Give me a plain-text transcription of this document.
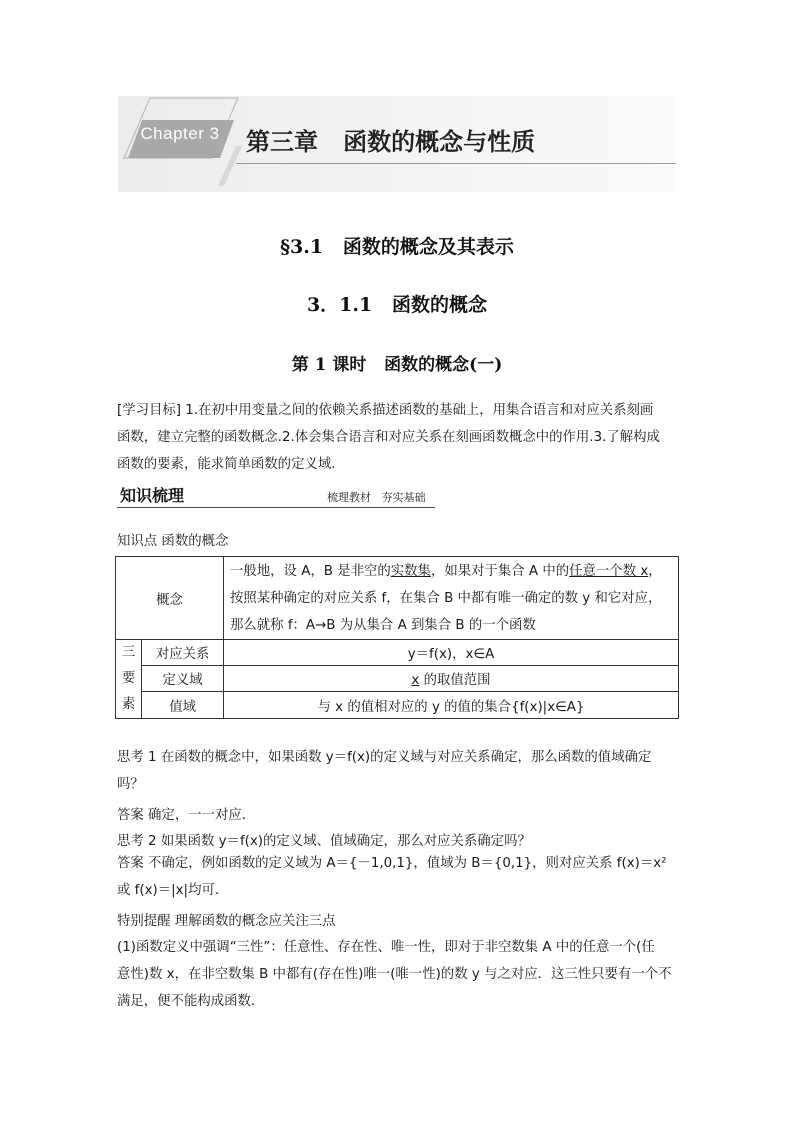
Chapter 3	第三章   函数的概念与性质
§3.1   函数的概念及其表示
3．1.1   函数的概念
第 1 课时   函数的概念(一)
[学习目标] 1.在初中用变量之间的依赖关系描述函数的基础上，用集合语言和对应关系刻画
函数，建立完整的函数概念.2.体会集合语言和对应关系在刻画函数概念中的作用.3.了解构成
函数的要素，能求简单函数的定义域．
知识梳理	梳理教材   夯实基础
知识点 函数的概念
概念		一般地，设 A，B 是非空的实数集，如果对于集合 A 中的任意一个数 x，
按照某种确定的对应关系 f，在集合 B 中都有唯一确定的数 y 和它对应，
那么就称 f：A→B 为从集合 A 到集合 B 的一个函数

三
要
素	对应关系	y＝f(x)，x∈A
	定义域	x 的取值范围
	值域	与 x 的值相对应的 y 的值的集合{f(x)|x∈A}
思考 1 在函数的概念中，如果函数 y＝f(x)的定义域与对应关系确定，那么函数的值域确定
吗？
答案 确定，一一对应．
思考 2 如果函数 y＝f(x)的定义域、值域确定，那么对应关系确定吗？
答案 不确定，例如函数的定义域为 A＝{－1,0,1}，值域为 B＝{0,1}，则对应关系 f(x)＝x²
或 f(x)＝|x|均可．
特别提醒 理解函数的概念应关注三点
(1)函数定义中强调“三性”：任意性、存在性、唯一性，即对于非空数集 A 中的任意一个(任
意性)数 x，在非空数集 B 中都有(存在性)唯一(唯一性)的数 y 与之对应．这三性只要有一个不
满足，便不能构成函数．
